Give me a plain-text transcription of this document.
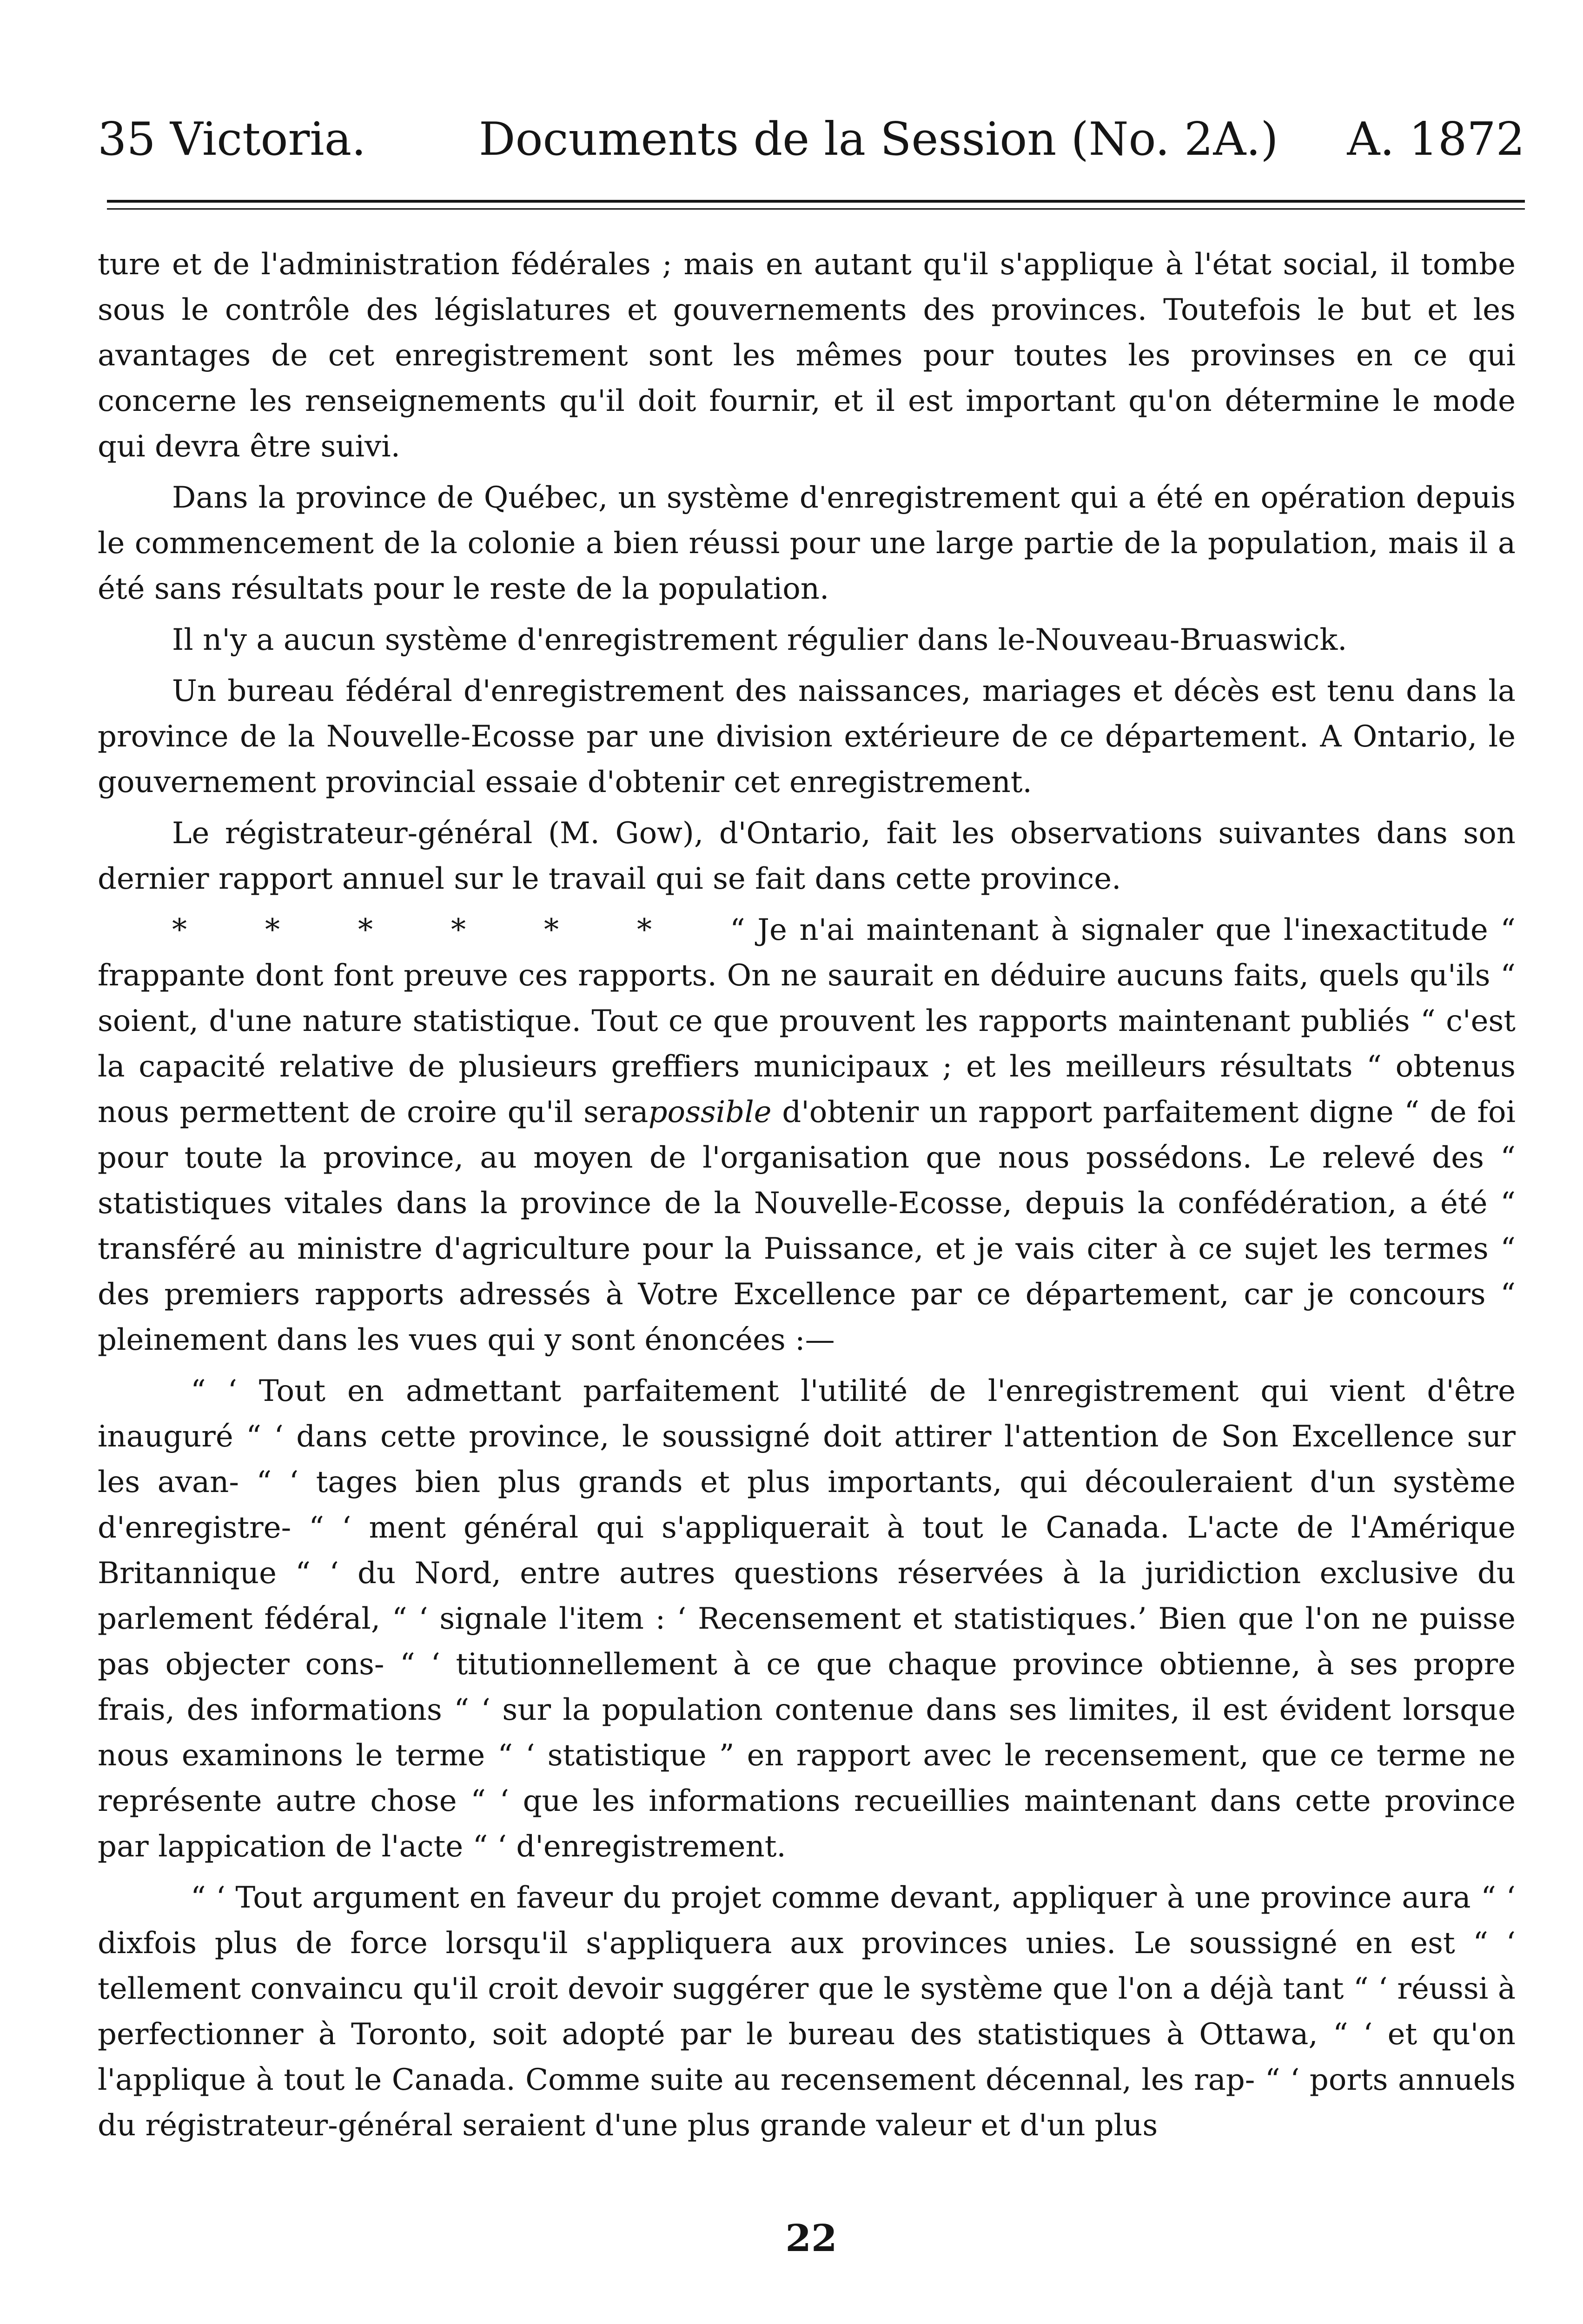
35 Victoria. Documents de la Session (No. 2A.) A. 1872

ture et de l'administration fédérales ; mais en autant qu'il s'applique à l'état social, il tombe sous le contrôle des législatures et gouvernements des provinces. Toutefois le but et les avantages de cet enregistrement sont les mêmes pour toutes les provinses en ce qui concerne les renseignements qu'il doit fournir, et il est important qu'on détermine le mode qui devra être suivi.

Dans la province de Québec, un système d'enregistrement qui a été en opération depuis le commencement de la colonie a bien réussi pour une large partie de la population, mais il a été sans résultats pour le reste de la population.

Il n'y a aucun système d'enregistrement régulier dans le-Nouveau-Bruaswick.

Un bureau fédéral d'enregistrement des naissances, mariages et décès est tenu dans la province de la Nouvelle-Ecosse par une division extérieure de ce département. A Ontario, le gouvernement provincial essaie d'obtenir cet enregistrement.

Le régistrateur-général (M. Gow), d'Ontario, fait les observations suivantes dans son dernier rapport annuel sur le travail qui se fait dans cette province.

*	*	*	*	*	*	“ Je n'ai maintenant à signaler que l'inexactitude “ frappante dont font preuve ces rapports. On ne saurait en déduire aucuns faits, quels qu'ils “ soient, d'une nature statistique. Tout ce que prouvent les rapports maintenant publiés “ c'est la capacité relative de plusieurs greffiers municipaux ; et les meilleurs résultats “ obtenus nous permettent de croire qu'il serapossible d'obtenir un rapport parfaitement digne “ de foi pour toute la province, au moyen de l'organisation que nous possédons. Le relevé des “ statistiques vitales dans la province de la Nouvelle-Ecosse, depuis la confédération, a été “ transféré au ministre d'agriculture pour la Puissance, et je vais citer à ce sujet les termes “ des premiers rapports adressés à Votre Excellence par ce département, car je concours “ pleinement dans les vues qui y sont énoncées :—

“ ‘ Tout en admettant parfaitement l'utilité de l'enregistrement qui vient d'être inauguré “ ‘ dans cette province, le soussigné doit attirer l'attention de Son Excellence sur les avan- “ ‘ tages bien plus grands et plus importants, qui découleraient d'un système d'enregistre- “ ‘ ment général qui s'appliquerait à tout le Canada. L'acte de l'Amérique Britannique “ ‘ du Nord, entre autres questions réservées à la juridiction exclusive du parlement fédéral, “ ‘ signale l'item : ‘ Recensement et statistiques.’ Bien que l'on ne puisse pas objecter cons- “ ‘ titutionnellement à ce que chaque province obtienne, à ses propre frais, des informations “ ‘ sur la population contenue dans ses limites, il est évident lorsque nous examinons le terme “ ‘ statistique ” en rapport avec le recensement, que ce terme ne représente autre chose “ ‘ que les informations recueillies maintenant dans cette province par lappication de l'acte “ ‘ d'enregistrement.

“ ‘ Tout argument en faveur du projet comme devant, appliquer à une province aura “ ‘ dixfois plus de force lorsqu'il s'appliquera aux provinces unies. Le soussigné en est “ ‘ tellement convaincu qu'il croit devoir suggérer que le système que l'on a déjà tant “ ‘ réussi à perfectionner à Toronto, soit adopté par le bureau des statistiques à Ottawa, “ ‘ et qu'on l'applique à tout le Canada. Comme suite au recensement décennal, les rap- “ ‘ ports annuels du régistrateur-général seraient d'une plus grande valeur et d'un plus

22
